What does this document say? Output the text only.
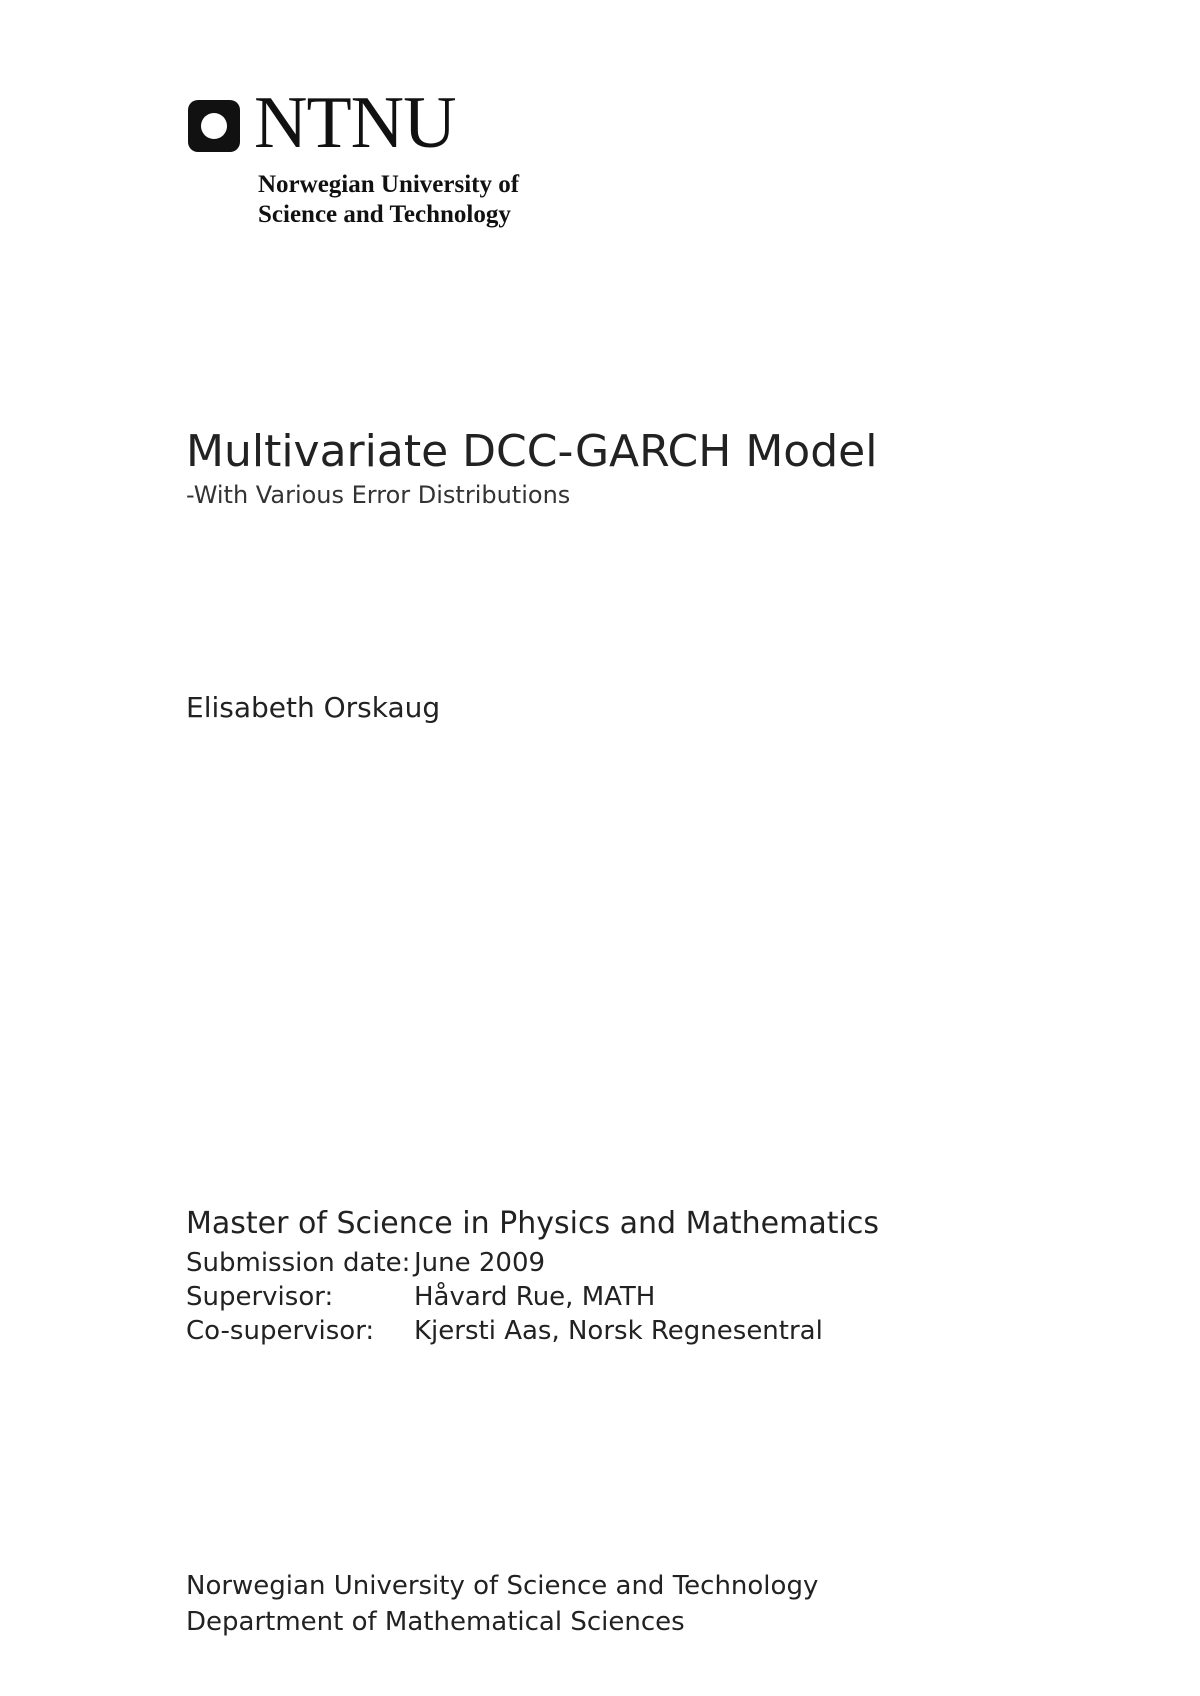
NTNU
Norwegian University of
Science and Technology
Multivariate DCC-GARCH Model

-With Various Error Distributions

Elisabeth Orskaug
Master of Science in Physics and Mathematics
Submission date:	June 2009
Supervisor:	Håvard Rue, MATH
Co-supervisor:	Kjersti Aas, Norsk Regnesentral
Norwegian University of Science and Technology
Department of Mathematical Sciences
